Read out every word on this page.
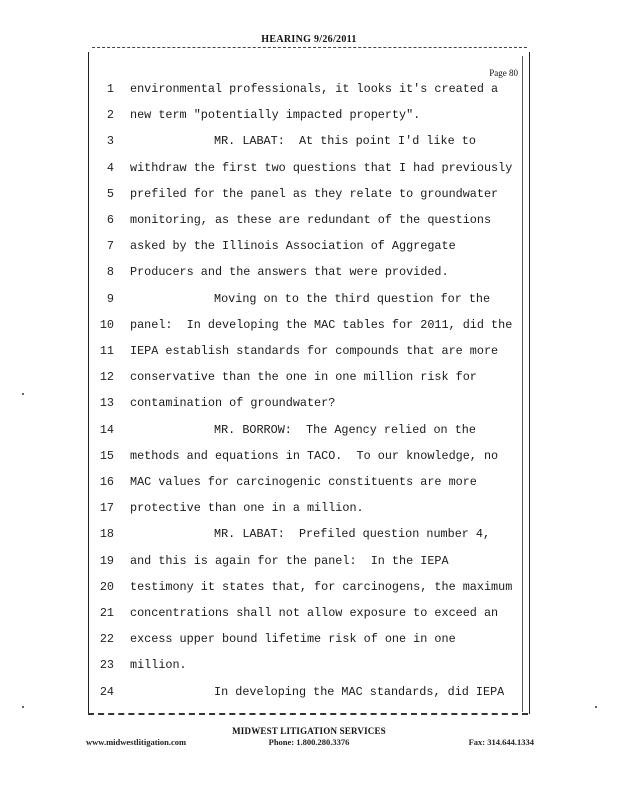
HEARING 9/26/2011
Page 80
1 environmental professionals, it looks it's created a
2 new term "potentially impacted property".
3	MR. LABAT:  At this point I'd like to
4 withdraw the first two questions that I had previously
5 prefiled for the panel as they relate to groundwater
6 monitoring, as these are redundant of the questions
7 asked by the Illinois Association of Aggregate
8 Producers and the answers that were provided.
9	Moving on to the third question for the
10 panel:  In developing the MAC tables for 2011, did the
11 IEPA establish standards for compounds that are more
12 conservative than the one in one million risk for
13 contamination of groundwater?
14	MR. BORROW:  The Agency relied on the
15 methods and equations in TACO.  To our knowledge, no
16 MAC values for carcinogenic constituents are more
17 protective than one in a million.
18	MR. LABAT:  Prefiled question number 4,
19 and this is again for the panel:  In the IEPA
20 testimony it states that, for carcinogens, the maximum
21 concentrations shall not allow exposure to exceed an
22 excess upper bound lifetime risk of one in one
23 million.
24	In developing the MAC standards, did IEPA
MIDWEST LITIGATION SERVICES
www.midwestlitigation.com	Phone: 1.800.280.3376	Fax: 314.644.1334
